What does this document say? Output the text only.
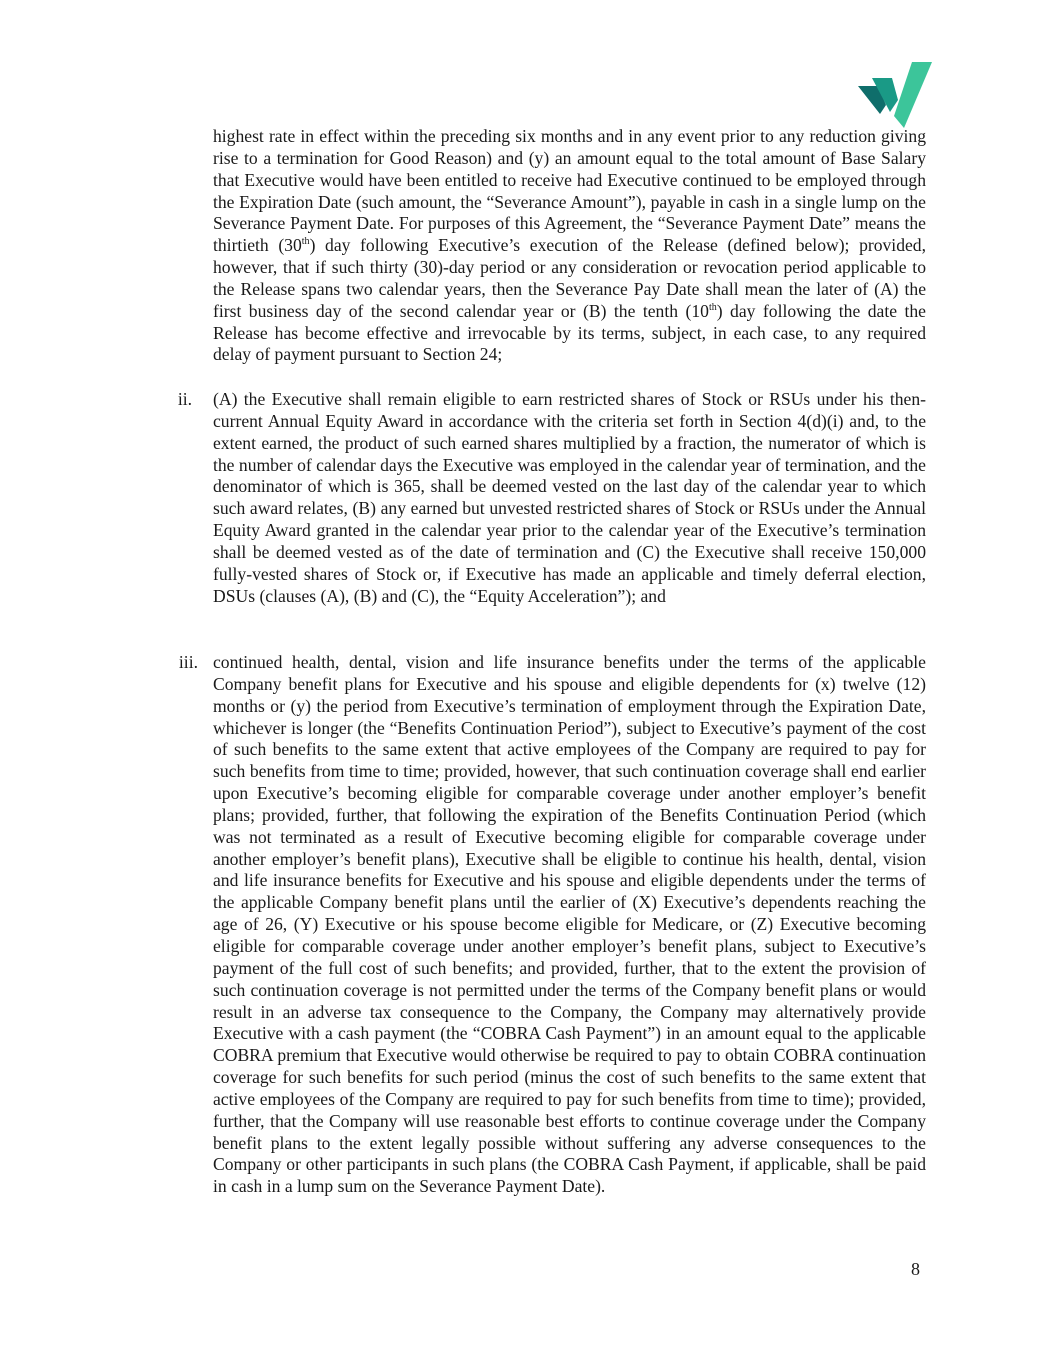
highest rate in effect within the preceding six months and in any event prior to any reduction giving rise to a termination for Good Reason) and (y) an amount equal to the total amount of Base Salary that Executive would have been entitled to receive had Executive continued to be employed through the Expiration Date (such amount, the “Severance Amount”), payable in cash in a single lump on the Severance Payment Date. For purposes of this Agreement, the “Severance Payment Date” means the thirtieth (30th) day following Executive’s execution of the Release (defined below); provided, however, that if such thirty (30)-day period or any consideration or revocation period applicable to the Release spans two calendar years, then the Severance Pay Date shall mean the later of (A) the first business day of the second calendar year or (B) the tenth (10th) day following the date the Release has become effective and irrevocable by its terms, subject, in each case, to any required delay of payment pursuant to Section 24;

ii. (A) the Executive shall remain eligible to earn restricted shares of Stock or RSUs under his then-current Annual Equity Award in accordance with the criteria set forth in Section 4(d)(i) and, to the extent earned, the product of such earned shares multiplied by a fraction, the numerator of which is the number of calendar days the Executive was employed in the calendar year of termination, and the denominator of which is 365, shall be deemed vested on the last day of the calendar year to which such award relates, (B) any earned but unvested restricted shares of Stock or RSUs under the Annual Equity Award granted in the calendar year prior to the calendar year of the Executive’s termination shall be deemed vested as of the date of termination and (C) the Executive shall receive 150,000 fully-vested shares of Stock or, if Executive has made an applicable and timely deferral election, DSUs (clauses (A), (B) and (C), the “Equity Acceleration”); and

iii. continued health, dental, vision and life insurance benefits under the terms of the applicable Company benefit plans for Executive and his spouse and eligible dependents for (x) twelve (12) months or (y) the period from Executive’s termination of employment through the Expiration Date, whichever is longer (the “Benefits Continuation Period”), subject to Executive’s payment of the cost of such benefits to the same extent that active employees of the Company are required to pay for such benefits from time to time; provided, however, that such continuation coverage shall end earlier upon Executive’s becoming eligible for comparable coverage under another employer’s benefit plans; provided, further, that following the expiration of the Benefits Continuation Period (which was not terminated as a result of Executive becoming eligible for comparable coverage under another employer’s benefit plans), Executive shall be eligible to continue his health, dental, vision and life insurance benefits for Executive and his spouse and eligible dependents under the terms of the applicable Company benefit plans until the earlier of (X) Executive’s dependents reaching the age of 26, (Y) Executive or his spouse become eligible for Medicare, or (Z) Executive becoming eligible for comparable coverage under another employer’s benefit plans, subject to Executive’s payment of the full cost of such benefits; and provided, further, that to the extent the provision of such continuation coverage is not permitted under the terms of the Company benefit plans or would result in an adverse tax consequence to the Company, the Company may alternatively provide Executive with a cash payment (the “COBRA Cash Payment”) in an amount equal to the applicable COBRA premium that Executive would otherwise be required to pay to obtain COBRA continuation coverage for such benefits for such period (minus the cost of such benefits to the same extent that active employees of the Company are required to pay for such benefits from time to time); provided, further, that the Company will use reasonable best efforts to continue coverage under the Company benefit plans to the extent legally possible without suffering any adverse consequences to the Company or other participants in such plans (the COBRA Cash Payment, if applicable, shall be paid in cash in a lump sum on the Severance Payment Date).

8
